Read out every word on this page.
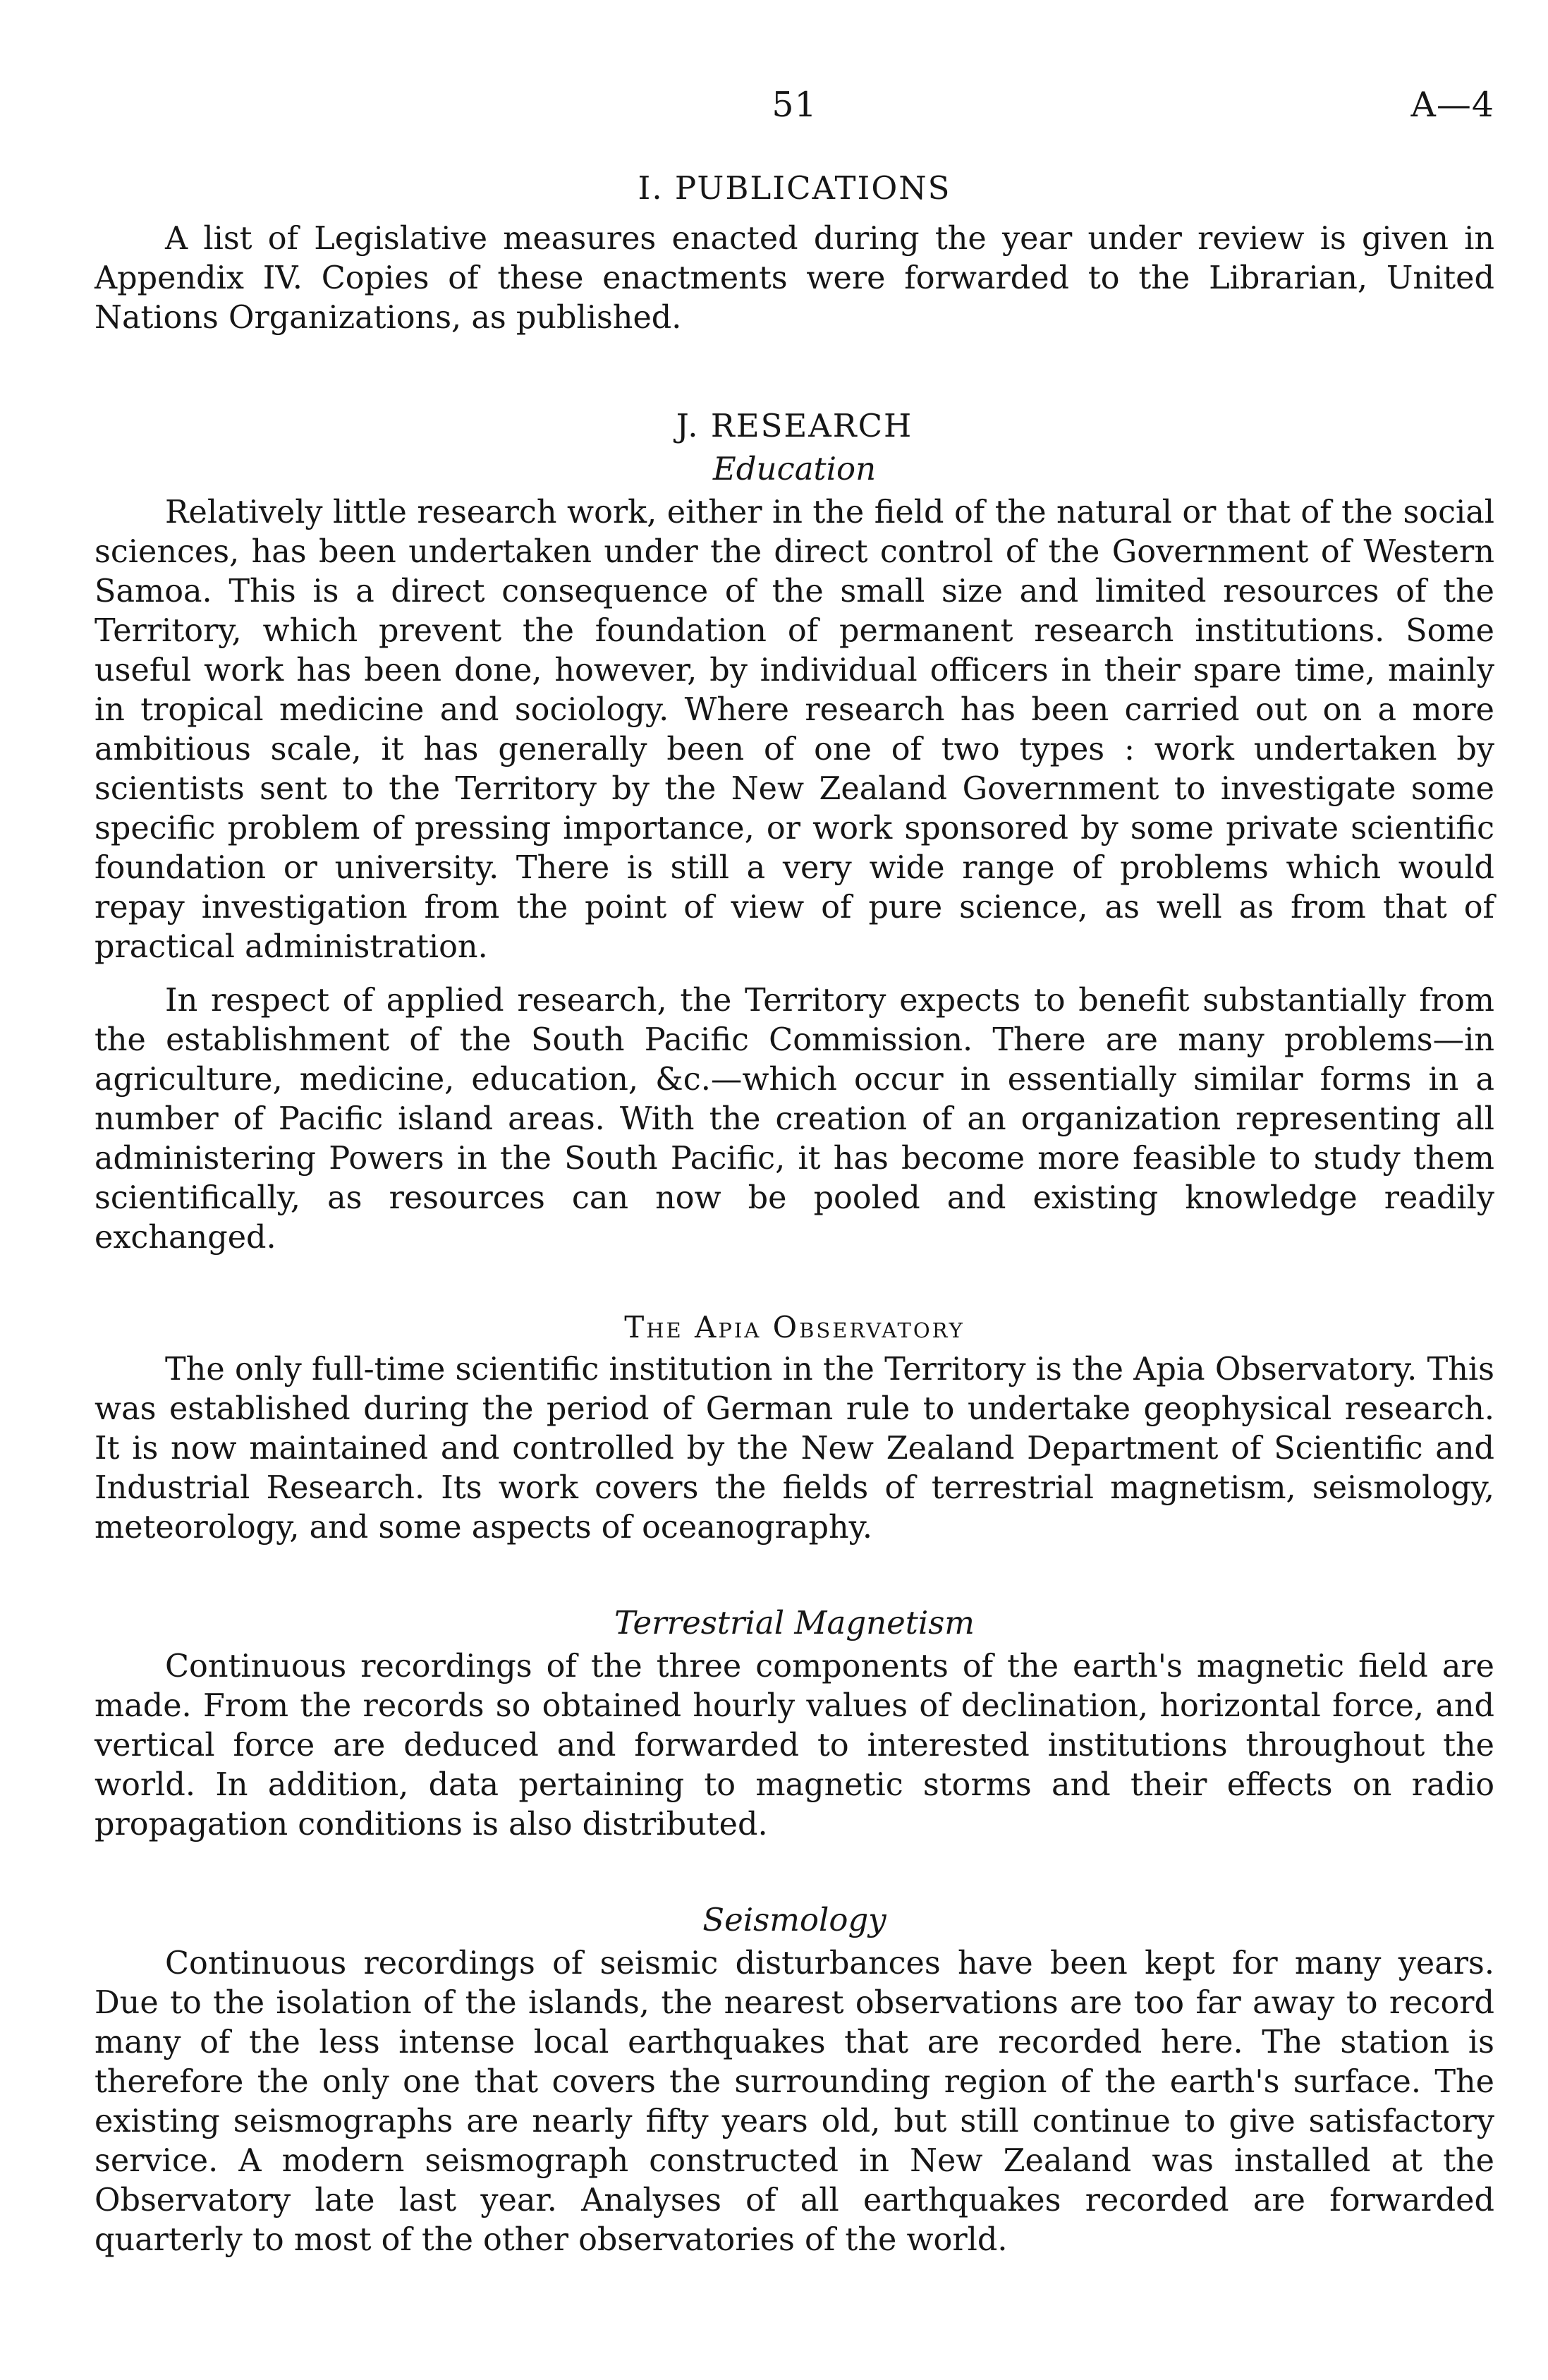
51	A—4
I. PUBLICATIONS

A list of Legislative measures enacted during the year under review is given in Appendix IV. Copies of these enactments were forwarded to the Librarian, United Nations Organizations, as published.

J. RESEARCH
Education

Relatively little research work, either in the field of the natural or that of the social sciences, has been undertaken under the direct control of the Government of Western Samoa. This is a direct consequence of the small size and limited resources of the Territory, which prevent the foundation of permanent research institutions. Some useful work has been done, however, by individual officers in their spare time, mainly in tropical medicine and sociology. Where research has been carried out on a more ambitious scale, it has generally been of one of two types : work undertaken by scientists sent to the Territory by the New Zealand Government to investigate some specific problem of pressing importance, or work sponsored by some private scientific foundation or university. There is still a very wide range of problems which would repay investigation from the point of view of pure science, as well as from that of practical administration.

In respect of applied research, the Territory expects to benefit substantially from the establishment of the South Pacific Commission. There are many problems—in agriculture, medicine, education, &c.—which occur in essentially similar forms in a number of Pacific island areas. With the creation of an organization representing all administering Powers in the South Pacific, it has become more feasible to study them scientifically, as resources can now be pooled and existing knowledge readily exchanged.

The Apia Observatory

The only full-time scientific institution in the Territory is the Apia Observatory. This was established during the period of German rule to undertake geophysical research. It is now maintained and controlled by the New Zealand Department of Scientific and Industrial Research. Its work covers the fields of terrestrial magnetism, seismology, meteorology, and some aspects of oceanography.

Terrestrial Magnetism

Continuous recordings of the three components of the earth's magnetic field are made. From the records so obtained hourly values of declination, horizontal force, and vertical force are deduced and forwarded to interested institutions throughout the world. In addition, data pertaining to magnetic storms and their effects on radio propagation conditions is also distributed.

Seismology

Continuous recordings of seismic disturbances have been kept for many years. Due to the isolation of the islands, the nearest observations are too far away to record many of the less intense local earthquakes that are recorded here. The station is therefore the only one that covers the surrounding region of the earth's surface. The existing seismographs are nearly fifty years old, but still continue to give satisfactory service. A modern seismograph constructed in New Zealand was installed at the Observatory late last year. Analyses of all earthquakes recorded are forwarded quarterly to most of the other observatories of the world.
